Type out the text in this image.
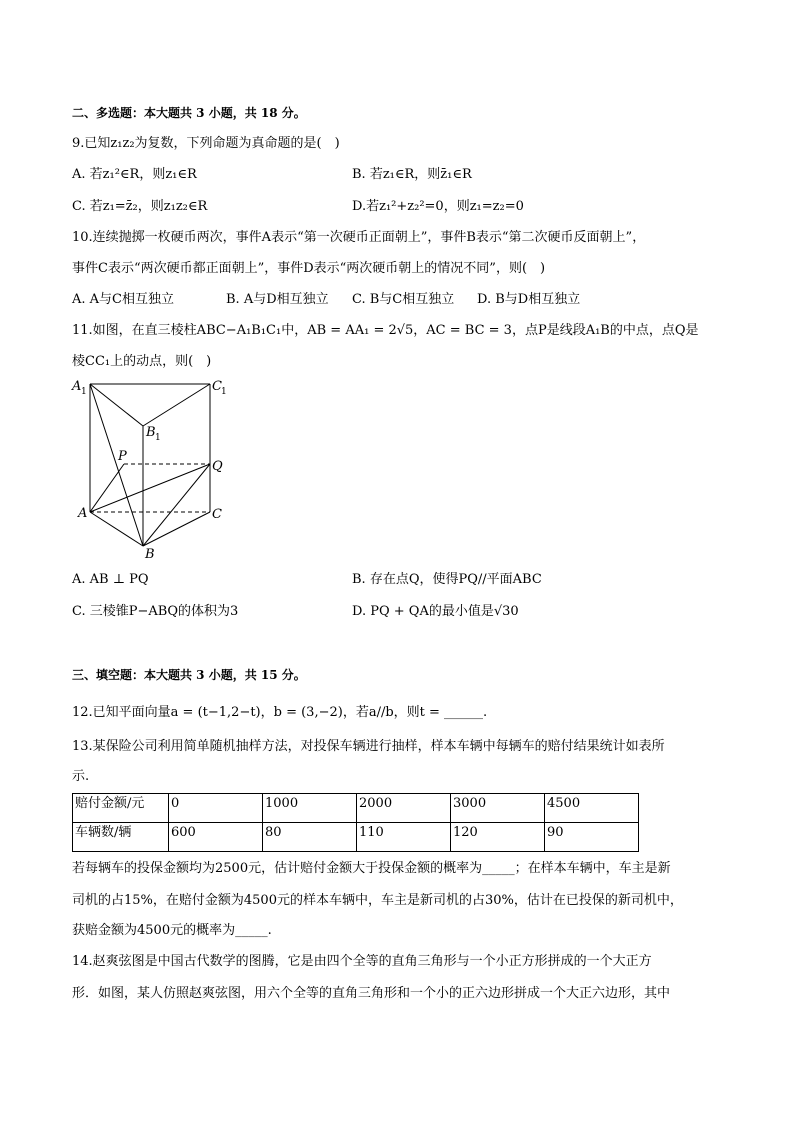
二、多选题：本大题共 3 小题，共 18 分。
9.已知z₁z₂为复数，下列命题为真命题的是(　)
A. 若z₁²∈R，则z₁∈R	B. 若z₁∈R，则z̄₁∈R
C. 若z₁=z̄₂，则z₁z₂∈R	D.若z₁²+z₂²=0，则z₁=z₂=0
10.连续抛掷一枚硬币两次，事件A表示“第一次硬币正面朝上”，事件B表示“第二次硬币反面朝上”，
事件C表示“两次硬币都正面朝上”，事件D表示“两次硬币朝上的情况不同”，则(　)
A. A与C相互独立	B. A与D相互独立 C. B与C相互独立 D. B与D相互独立
11.如图，在直三棱柱ABC−A₁B₁C₁中，AB = AA₁ = 2√5，AC = BC = 3，点P是线段A₁B的中点，点Q是
棱CC₁上的动点，则(　)
A 1	C 1
B 1
P
Q
A	C
B
A. AB ⊥ PQ	B. 存在点Q，使得PQ//平面ABC
C. 三棱锥P−ABQ的体积为3	D. PQ + QA的最小值是√30
三、填空题：本大题共 3 小题，共 15 分。
12.已知平面向量a = (t−1,2−t)，b = (3,−2)，若a//b，则t = ______.
13.某保险公司利用简单随机抽样方法，对投保车辆进行抽样，样本车辆中每辆车的赔付结果统计如表所
示.
赔付金额/元	0	1000	2000	3000	4500
车辆数/辆	600	80	110	120	90
若每辆车的投保金额均为2500元，估计赔付金额大于投保金额的概率为_____；在样本车辆中，车主是新
司机的占15%，在赔付金额为4500元的样本车辆中，车主是新司机的占30%，估计在已投保的新司机中，
获赔金额为4500元的概率为_____.
14.赵爽弦图是中国古代数学的图腾，它是由四个全等的直角三角形与一个小正方形拼成的一个大正方
形．如图，某人仿照赵爽弦图，用六个全等的直角三角形和一个小的正六边形拼成一个大正六边形，其中
